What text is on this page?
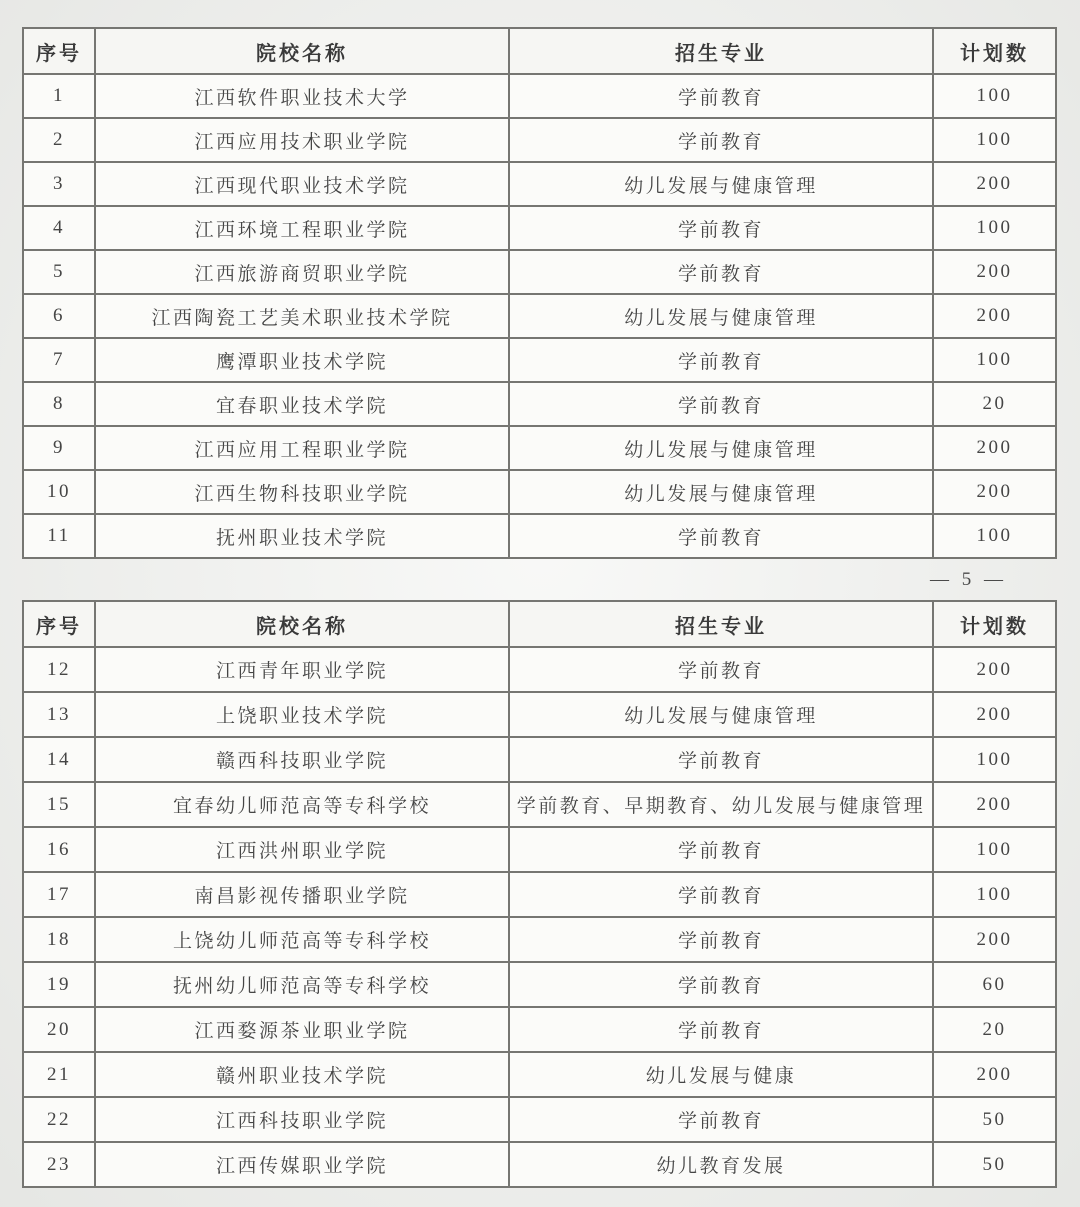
序号	院校名称	招生专业	计划数
1	江西软件职业技术大学	学前教育	100
2	江西应用技术职业学院	学前教育	100
3	江西现代职业技术学院	幼儿发展与健康管理	200
4	江西环境工程职业学院	学前教育	100
5	江西旅游商贸职业学院	学前教育	200
6	江西陶瓷工艺美术职业技术学院	幼儿发展与健康管理	200
7	鹰潭职业技术学院	学前教育	100
8	宜春职业技术学院	学前教育	20
9	江西应用工程职业学院	幼儿发展与健康管理	200
10	江西生物科技职业学院	幼儿发展与健康管理	200
11	抚州职业技术学院	学前教育	100
— 5 —
序号	院校名称	招生专业	计划数
12	江西青年职业学院	学前教育	200
13	上饶职业技术学院	幼儿发展与健康管理	200
14	赣西科技职业学院	学前教育	100
15	宜春幼儿师范高等专科学校	学前教育、早期教育、幼儿发展与健康管理	200
16	江西洪州职业学院	学前教育	100
17	南昌影视传播职业学院	学前教育	100
18	上饶幼儿师范高等专科学校	学前教育	200
19	抚州幼儿师范高等专科学校	学前教育	60
20	江西婺源茶业职业学院	学前教育	20
21	赣州职业技术学院	幼儿发展与健康	200
22	江西科技职业学院	学前教育	50
23	江西传媒职业学院	幼儿教育发展	50
